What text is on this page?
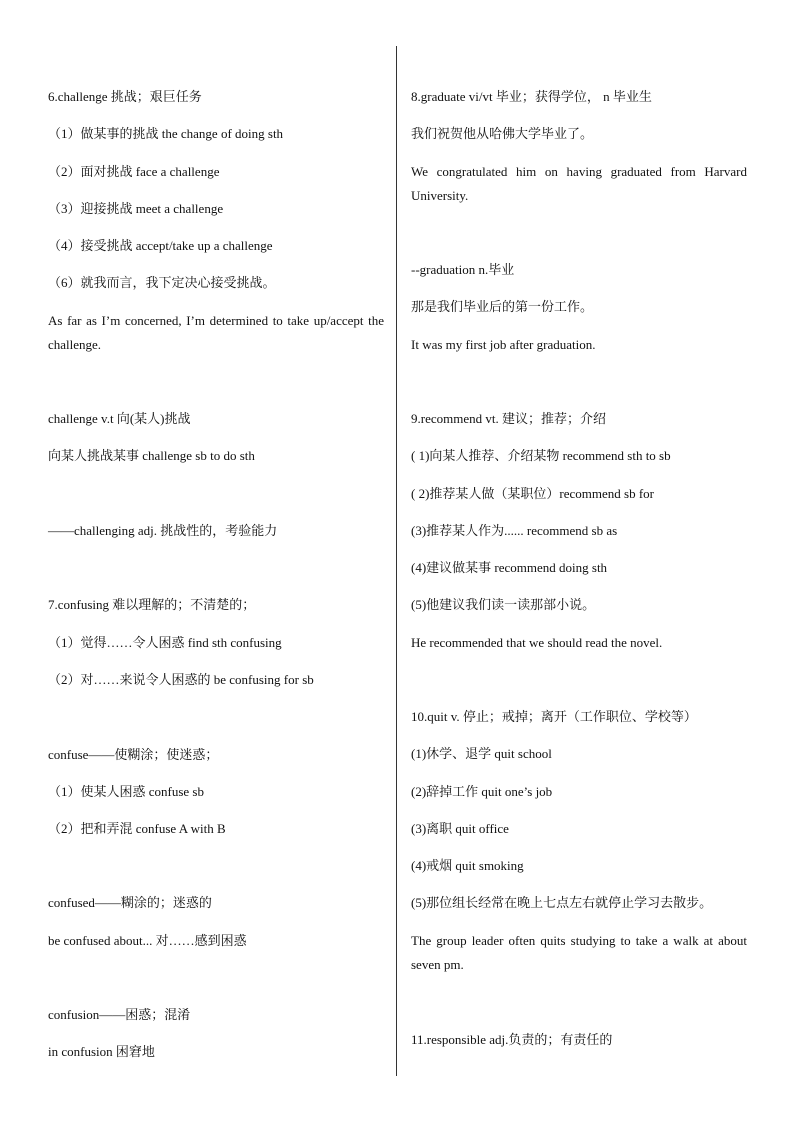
6.challenge 挑战；艰巨任务
（1）做某事的挑战 the change of doing sth
（2）面对挑战 face a challenge
（3）迎接挑战 meet a challenge
（4）接受挑战 accept/take up a challenge
（6）就我而言，我下定决心接受挑战。
As far as I’m concerned, I’m determined to take up/accept the challenge.
challenge v.t 向(某人)挑战
向某人挑战某事 challenge sb to do sth
——challenging adj. 挑战性的，考验能力
7.confusing 难以理解的；不清楚的；
（1）觉得……令人困惑 find sth confusing
（2）对……来说令人困惑的 be confusing for sb
confuse——使糊涂；使迷惑；
（1）使某人困惑 confuse sb
（2）把和弄混 confuse A with B
confused——糊涂的；迷惑的
be confused about... 对……感到困惑
confusion——困惑；混淆
in confusion 困窘地
8.graduate vi/vt 毕业；获得学位， n 毕业生
我们祝贺他从哈佛大学毕业了。
We congratulated him on having graduated from Harvard University.
--graduation n.毕业
那是我们毕业后的第一份工作。
It was my first job after graduation.
9.recommend vt. 建议；推荐；介绍
( 1)向某人推荐、介绍某物 recommend sth to sb
( 2)推荐某人做（某职位）recommend sb for
(3)推荐某人作为...... recommend sb as
(4)建议做某事 recommend doing sth
(5)他建议我们读一读那部小说。
He recommended that we should read the novel.
10.quit v. 停止；戒掉；离开（工作职位、学校等）
(1)休学、退学 quit school
(2)辞掉工作 quit one’s job
(3)离职 quit office
(4)戒烟 quit smoking
(5)那位组长经常在晚上七点左右就停止学习去散步。
The group leader often quits studying to take a walk at about seven pm.
11.responsible adj.负责的；有责任的
